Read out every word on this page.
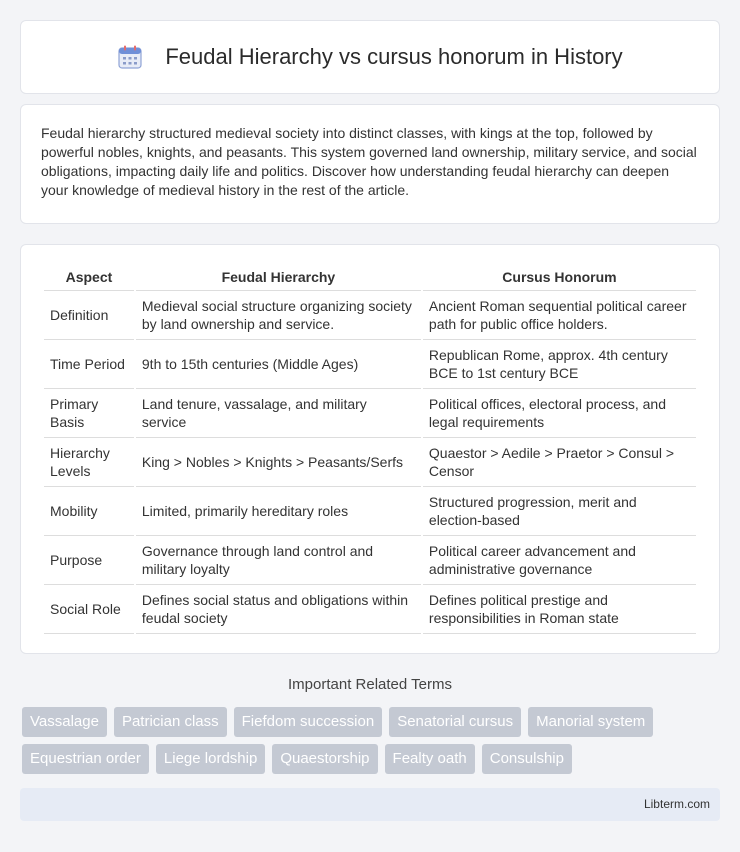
Feudal Hierarchy vs cursus honorum in History

Feudal hierarchy structured medieval society into distinct classes, with kings at the top, followed by powerful nobles, knights, and peasants. This system governed land ownership, military service, and social obligations, impacting daily life and politics. Discover how understanding feudal hierarchy can deepen your knowledge of medieval history in the rest of the article.

Aspect	Feudal Hierarchy	Cursus Honorum
Definition	Medieval social structure organizing society by land ownership and service.	Ancient Roman sequential political career path for public office holders.
Time Period	9th to 15th centuries (Middle Ages)	Republican Rome, approx. 4th century BCE to 1st century BCE
Primary Basis	Land tenure, vassalage, and military service	Political offices, electoral process, and legal requirements
Hierarchy Levels	King > Nobles > Knights > Peasants/Serfs	Quaestor > Aedile > Praetor > Consul > Censor
Mobility	Limited, primarily hereditary roles	Structured progression, merit and election-based
Purpose	Governance through land control and military loyalty	Political career advancement and administrative governance
Social Role	Defines social status and obligations within feudal society	Defines political prestige and responsibilities in Roman state
Important Related Terms
Vassalage	Patrician class	Fiefdom succession	Senatorial cursus	Manorial system
Equestrian order	Liege lordship	Quaestorship	Fealty oath	Consulship
Libterm.com
